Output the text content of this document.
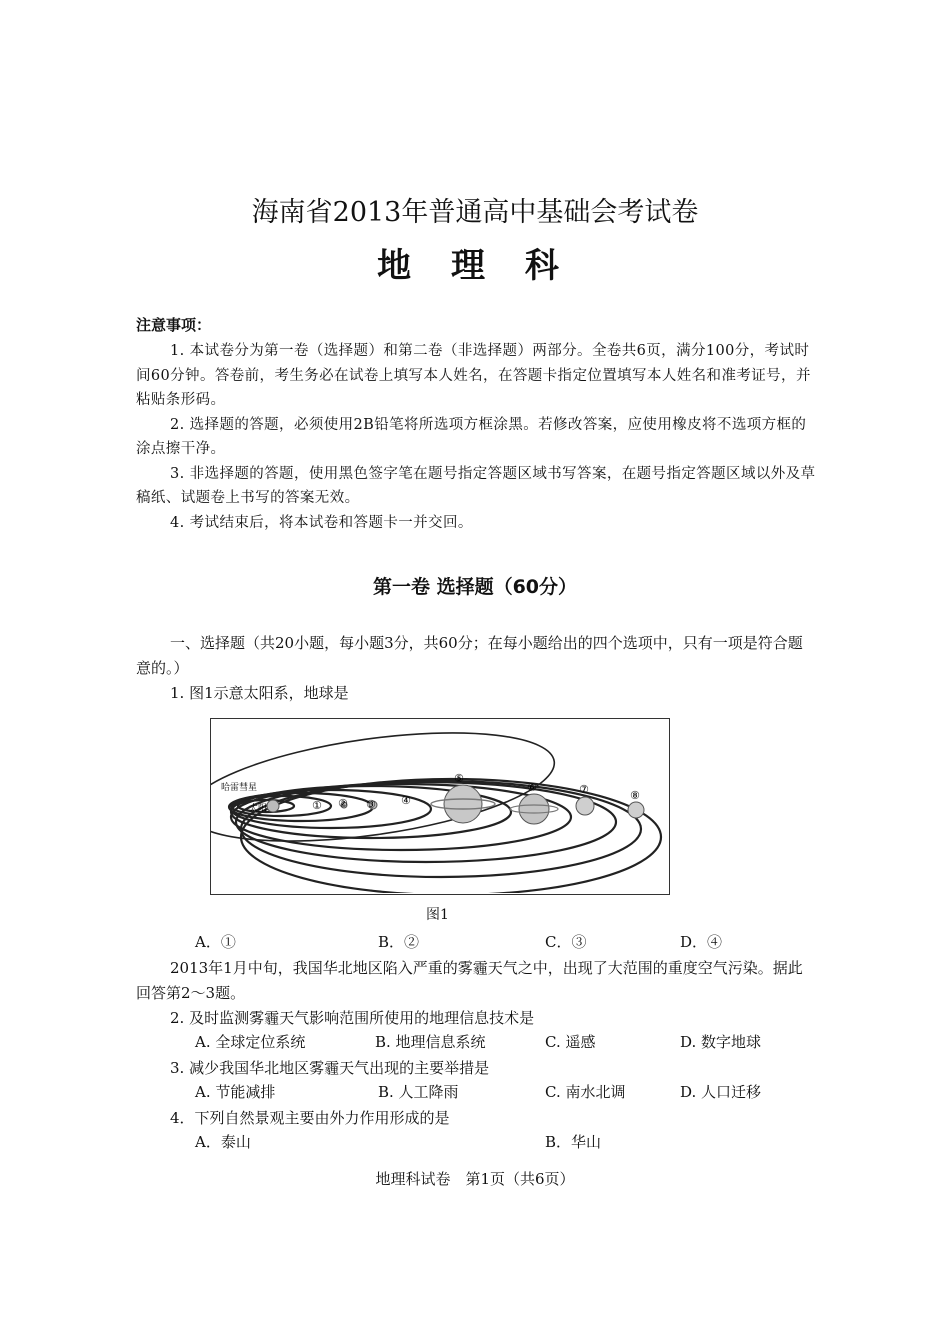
海南省2013年普通高中基础会考试卷
地 理 科
注意事项：

1. 本试卷分为第一卷（选择题）和第二卷（非选择题）两部分。全卷共6页，满分100分，考试时间60分钟。答卷前，考生务必在试卷上填写本人姓名，在答题卡指定位置填写本人姓名和准考证号，并粘贴条形码。

2. 选择题的答题，必须使用2B铅笔将所选项方框涂黑。若修改答案，应使用橡皮将不选项方框的涂点擦干净。

3. 非选择题的答题，使用黑色签字笔在题号指定答题区域书写答案，在题号指定答题区域以外及草稿纸、试题卷上书写的答案无效。

4. 考试结束后，将本试卷和答题卡一并交回。

第一卷 选择题（60分）

一、选择题（共20小题，每小题3分，共60分；在每小题给出的四个选项中，只有一项是符合题意的。）

1. 图1示意太阳系，地球是

哈雷彗星
太阳	① ② ③ ④
⑤
⑥	⑦	⑧
图1
A．①	B．②	C．③	D．④

2013年1月中旬，我国华北地区陷入严重的雾霾天气之中，出现了大范围的重度空气污染。据此回答第2～3题。

2. 及时监测雾霾天气影响范围所使用的地理信息技术是

A. 全球定位系统	B. 地理信息系统	C. 遥感	D. 数字地球

3. 减少我国华北地区雾霾天气出现的主要举措是

A. 节能减排	B. 人工降雨	C. 南水北调	D. 人口迁移

4．下列自然景观主要由外力作用形成的是

A．泰山	B．华山
地理科试卷　第1页（共6页）
